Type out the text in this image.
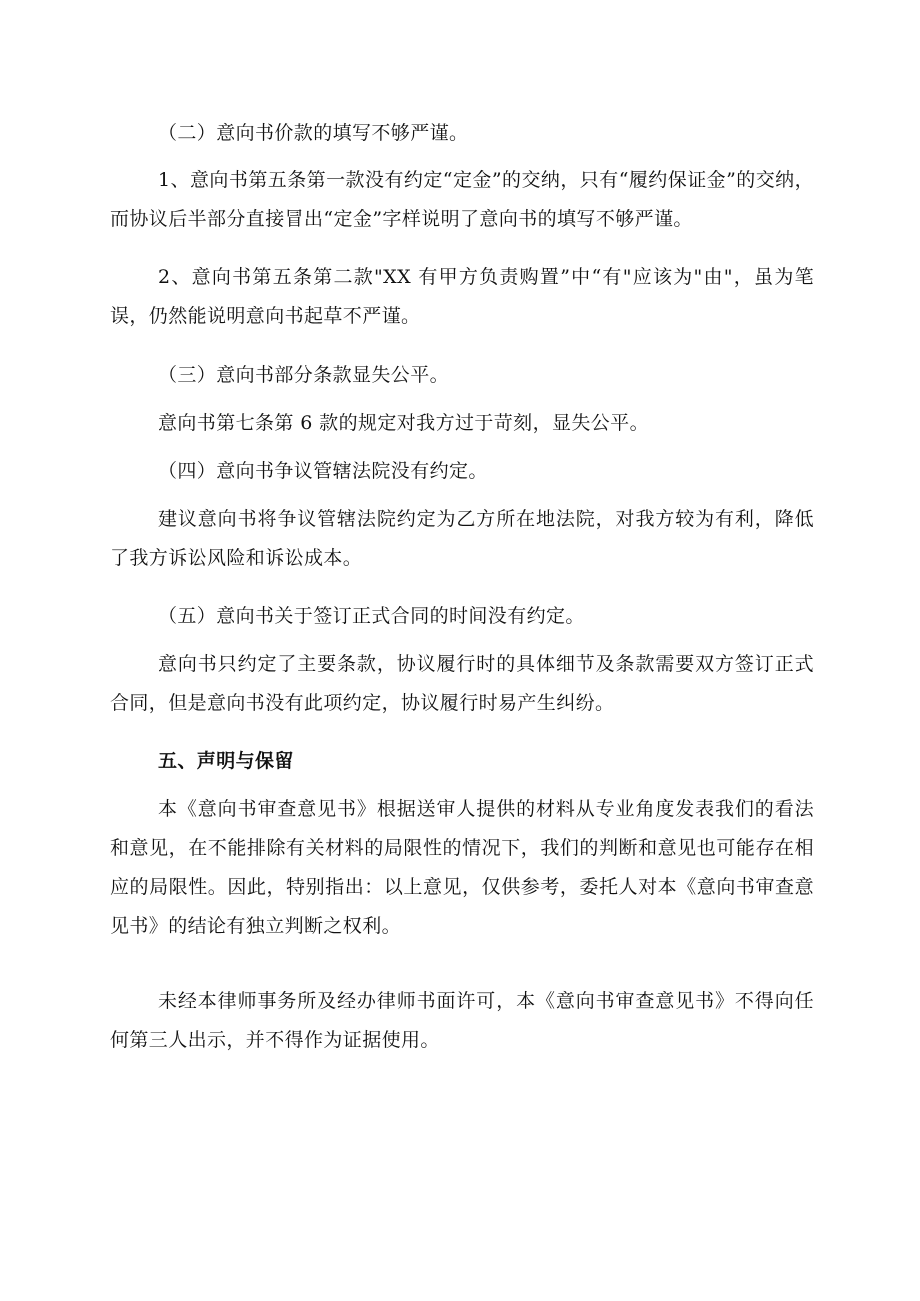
（二）意向书价款的填写不够严谨。

1、意向书第五条第一款没有约定“定金”的交纳，只有“履约保证金”的交纳，而协议后半部分直接冒出“定金”字样说明了意向书的填写不够严谨。

2、意向书第五条第二款"XX 有甲方负责购置”中“有"应该为"由"，虽为笔误，仍然能说明意向书起草不严谨。

（三）意向书部分条款显失公平。

意向书第七条第 6 款的规定对我方过于苛刻，显失公平。

（四）意向书争议管辖法院没有约定。

建议意向书将争议管辖法院约定为乙方所在地法院，对我方较为有利，降低了我方诉讼风险和诉讼成本。

（五）意向书关于签订正式合同的时间没有约定。

意向书只约定了主要条款，协议履行时的具体细节及条款需要双方签订正式合同，但是意向书没有此项约定，协议履行时易产生纠纷。

五、声明与保留

本《意向书审查意见书》根据送审人提供的材料从专业角度发表我们的看法和意见，在不能排除有关材料的局限性的情况下，我们的判断和意见也可能存在相应的局限性。因此，特别指出：以上意见，仅供参考，委托人对本《意向书审查意见书》的结论有独立判断之权利。

未经本律师事务所及经办律师书面许可，本《意向书审查意见书》不得向任何第三人出示，并不得作为证据使用。
